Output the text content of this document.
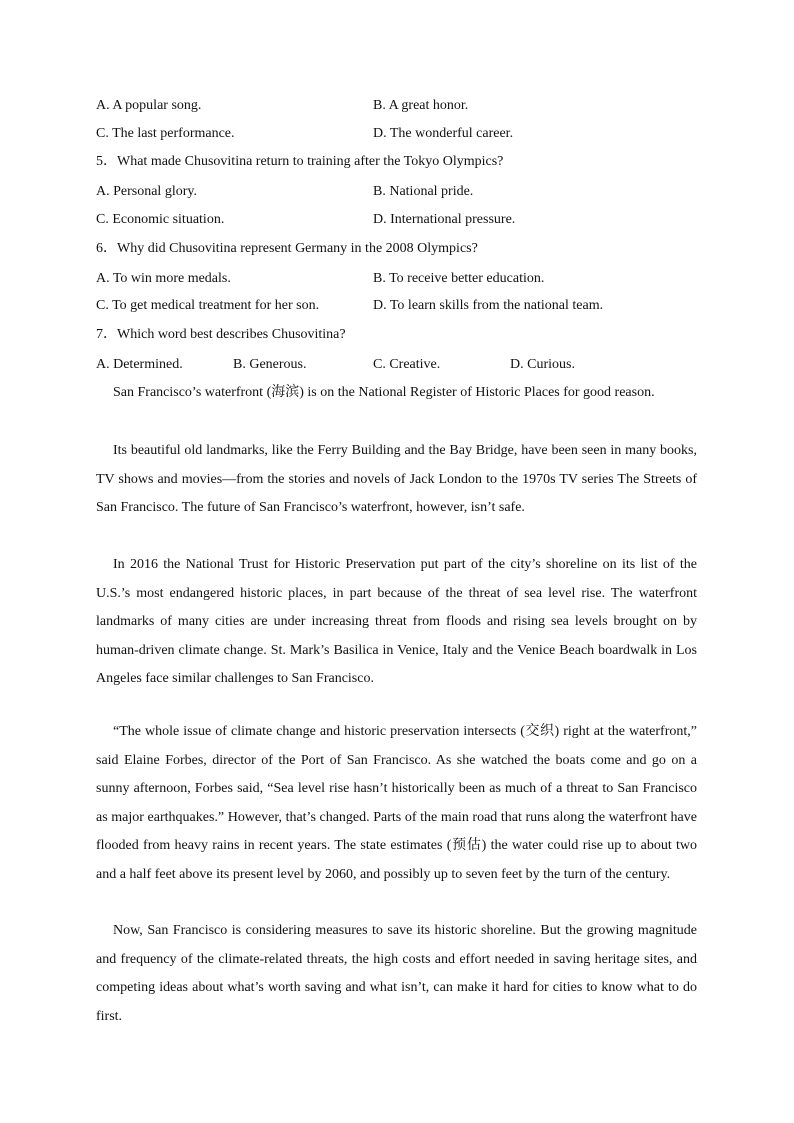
A. A popular song.	B. A great honor.
C. The last performance.	D. The wonderful career.
5．What made Chusovitina return to training after the Tokyo Olympics?
A. Personal glory.	B. National pride.
C. Economic situation.	D. International pressure.
6．Why did Chusovitina represent Germany in the 2008 Olympics?
A. To win more medals.	B. To receive better education.
C. To get medical treatment for her son.	D. To learn skills from the national team.
7．Which word best describes Chusovitina?
A. Determined.	B. Generous.	C. Creative.	D. Curious.

San Francisco’s waterfront (海滨) is on the National Register of Historic Places for good reason.

Its beautiful old landmarks, like the Ferry Building and the Bay Bridge, have been seen in many books, TV shows and movies—from the stories and novels of Jack London to the 1970s TV series The Streets of San Francisco. The future of San Francisco’s waterfront, however, isn’t safe.

In 2016 the National Trust for Historic Preservation put part of the city’s shoreline on its list of the U.S.’s most endangered historic places, in part because of the threat of sea level rise. The waterfront landmarks of many cities are under increasing threat from floods and rising sea levels brought on by human-driven climate change. St. Mark’s Basilica in Venice, Italy and the Venice Beach boardwalk in Los Angeles face similar challenges to San Francisco.

“The whole issue of climate change and historic preservation intersects (交织) right at the waterfront,” said Elaine Forbes, director of the Port of San Francisco. As she watched the boats come and go on a sunny afternoon, Forbes said, “Sea level rise hasn’t historically been as much of a threat to San Francisco as major earthquakes.” However, that’s changed. Parts of the main road that runs along the waterfront have flooded from heavy rains in recent years. The state estimates (预估) the water could rise up to about two and a half feet above its present level by 2060, and possibly up to seven feet by the turn of the century.

Now, San Francisco is considering measures to save its historic shoreline. But the growing magnitude and frequency of the climate-related threats, the high costs and effort needed in saving heritage sites, and competing ideas about what’s worth saving and what isn’t, can make it hard for cities to know what to do first.
